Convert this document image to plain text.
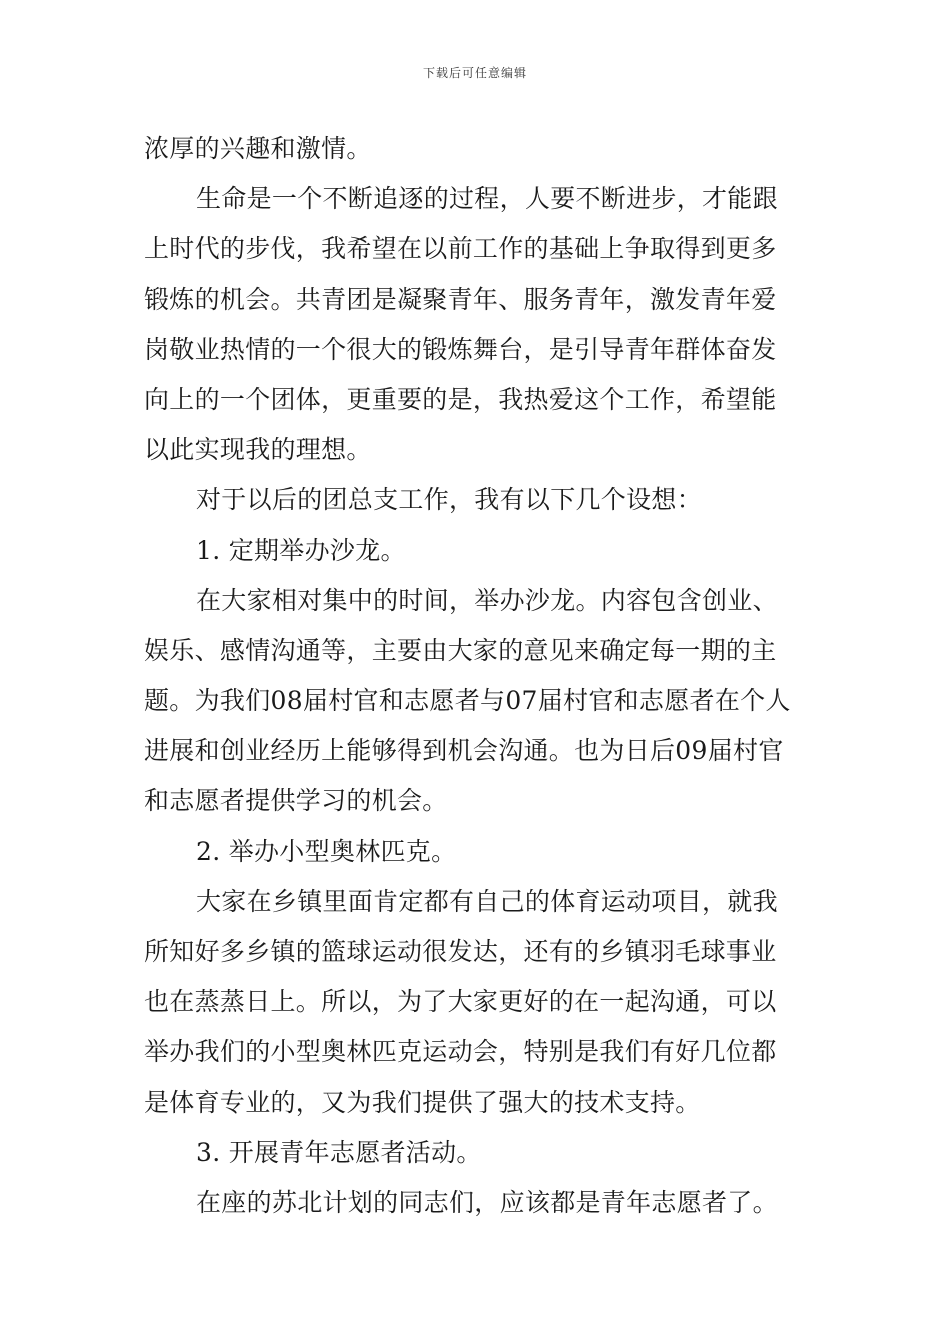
下载后可任意编辑
浓厚的兴趣和激情。
生命是一个不断追逐的过程，人要不断进步，才能跟
上时代的步伐，我希望在以前工作的基础上争取得到更多
锻炼的机会。共青团是凝聚青年、服务青年，激发青年爱
岗敬业热情的一个很大的锻炼舞台，是引导青年群体奋发
向上的一个团体，更重要的是，我热爱这个工作，希望能
以此实现我的理想。
对于以后的团总支工作，我有以下几个设想：
1. 定期举办沙龙。
在大家相对集中的时间，举办沙龙。内容包含创业、
娱乐、感情沟通等，主要由大家的意见来确定每一期的主
题。为我们08届村官和志愿者与07届村官和志愿者在个人
进展和创业经历上能够得到机会沟通。也为日后09届村官
和志愿者提供学习的机会。
2. 举办小型奥林匹克。
大家在乡镇里面肯定都有自己的体育运动项目，就我
所知好多乡镇的篮球运动很发达，还有的乡镇羽毛球事业
也在蒸蒸日上。所以，为了大家更好的在一起沟通，可以
举办我们的小型奥林匹克运动会，特别是我们有好几位都
是体育专业的，又为我们提供了强大的技术支持。
3. 开展青年志愿者活动。
在座的苏北计划的同志们，应该都是青年志愿者了。
